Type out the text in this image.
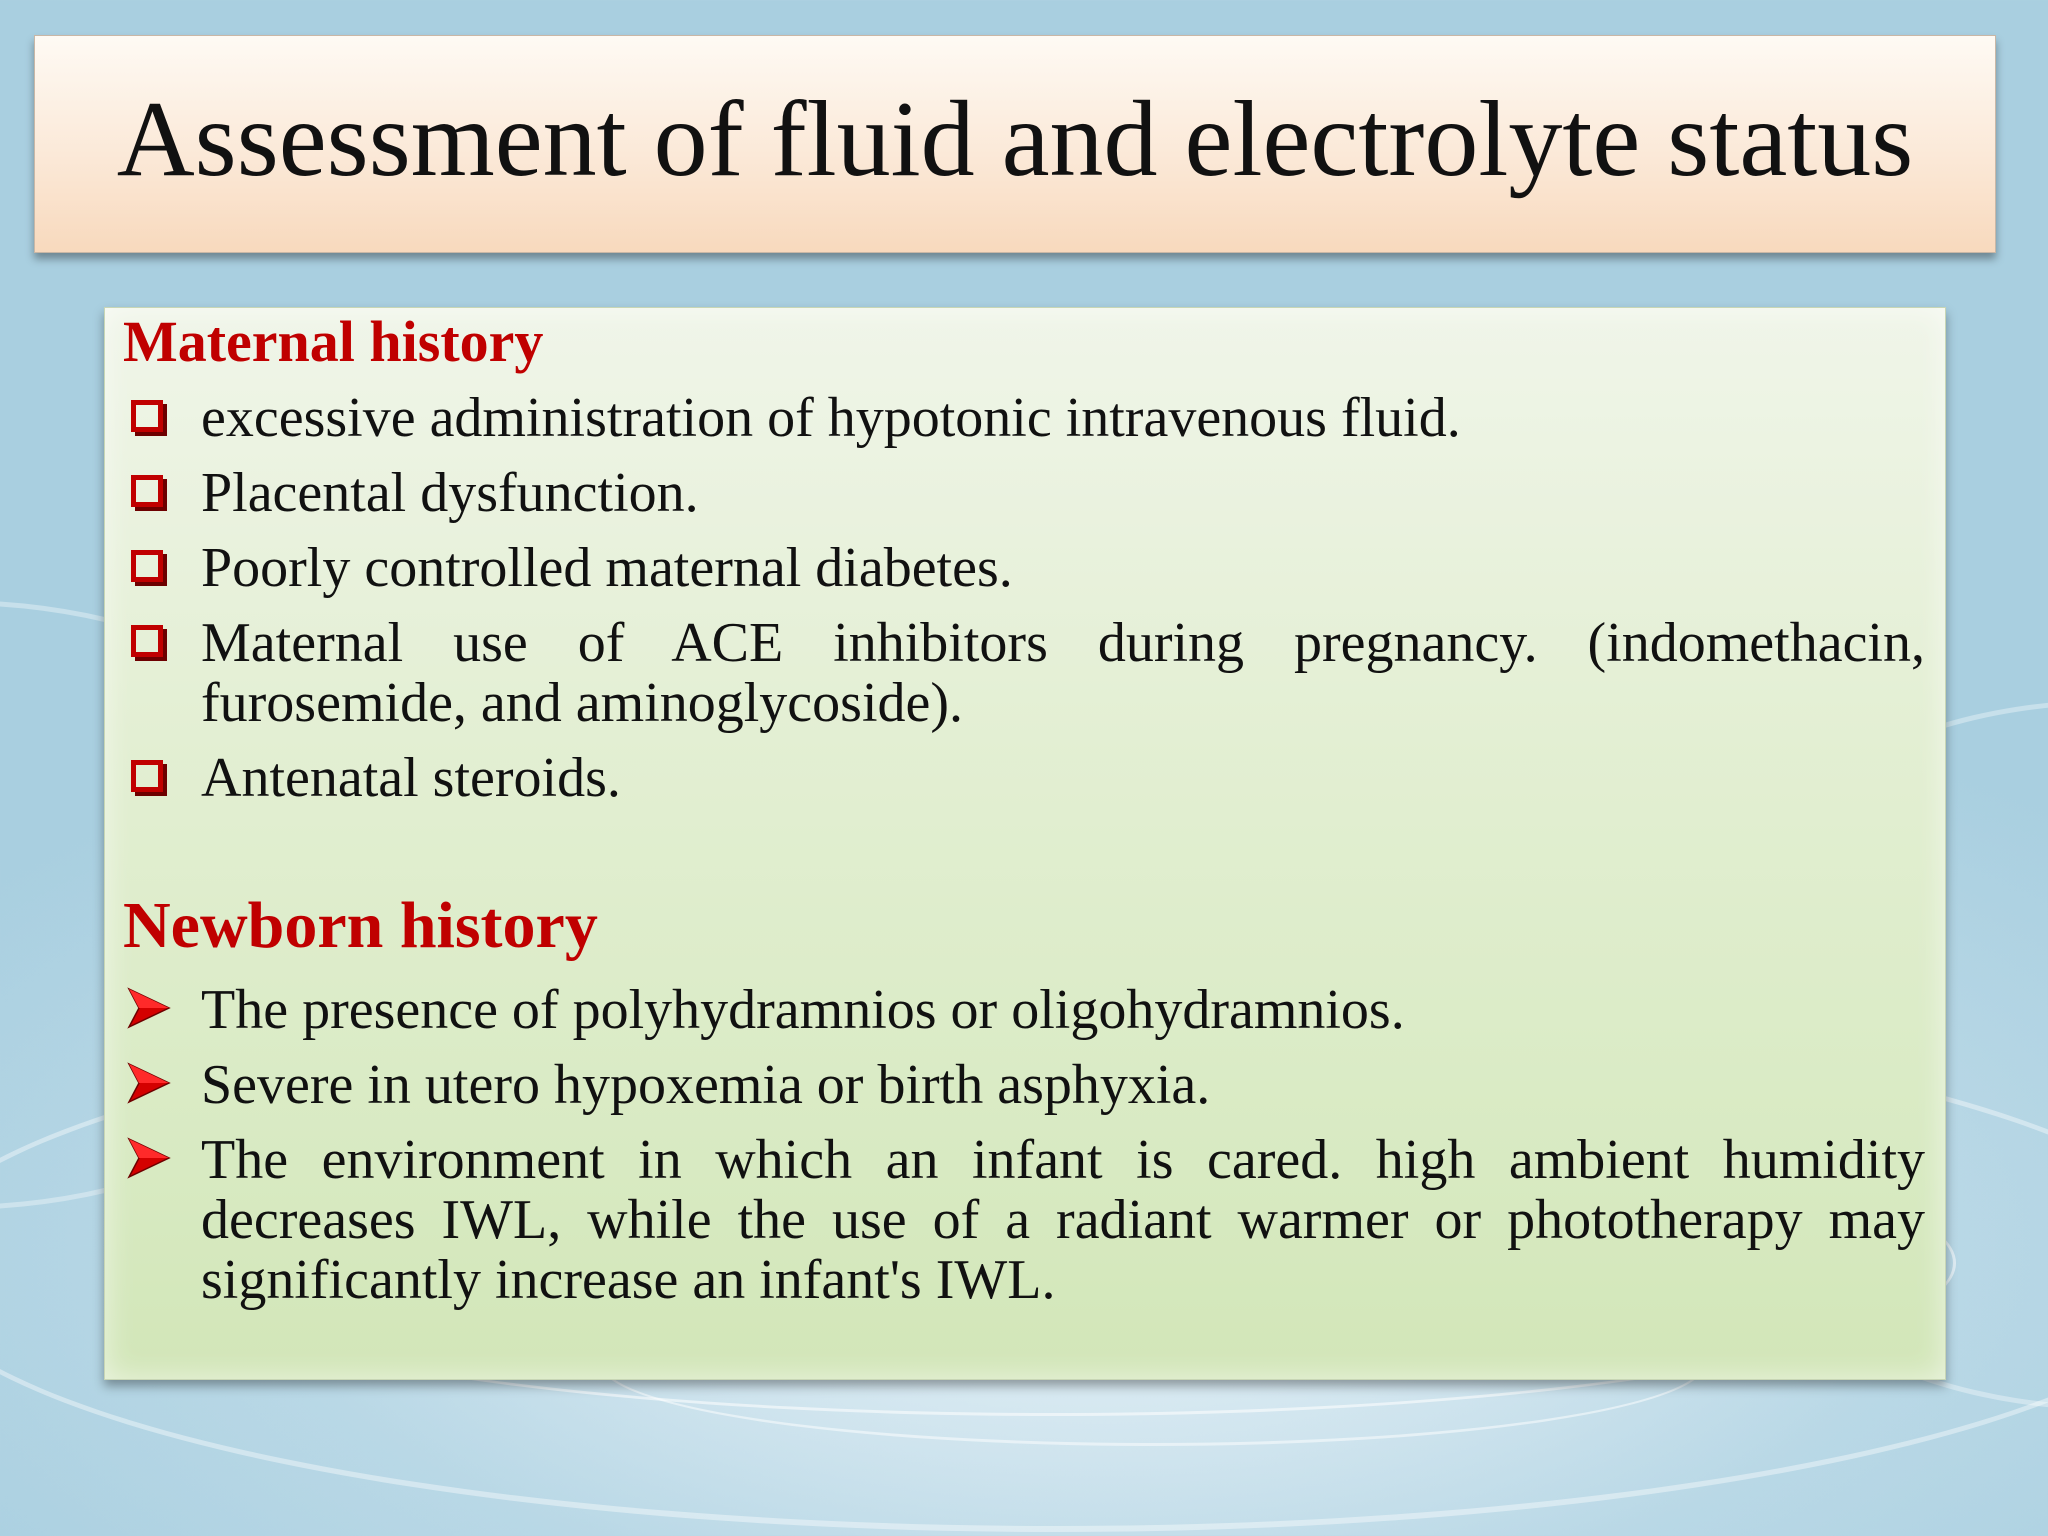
Assessment of fluid and electrolyte status
Maternal history
excessive administration of hypotonic intravenous fluid.
Placental dysfunction.
Poorly controlled maternal diabetes.
Maternal use of ACE inhibitors during pregnancy. (indomethacin, furosemide, and aminoglycoside).
Antenatal steroids.
Newborn history
The presence of polyhydramnios or oligohydramnios.
Severe in utero hypoxemia or birth asphyxia.
The environment in which an infant is cared. high ambient humidity decreases IWL, while the use of a radiant warmer or phototherapy may significantly increase an infant's IWL.
